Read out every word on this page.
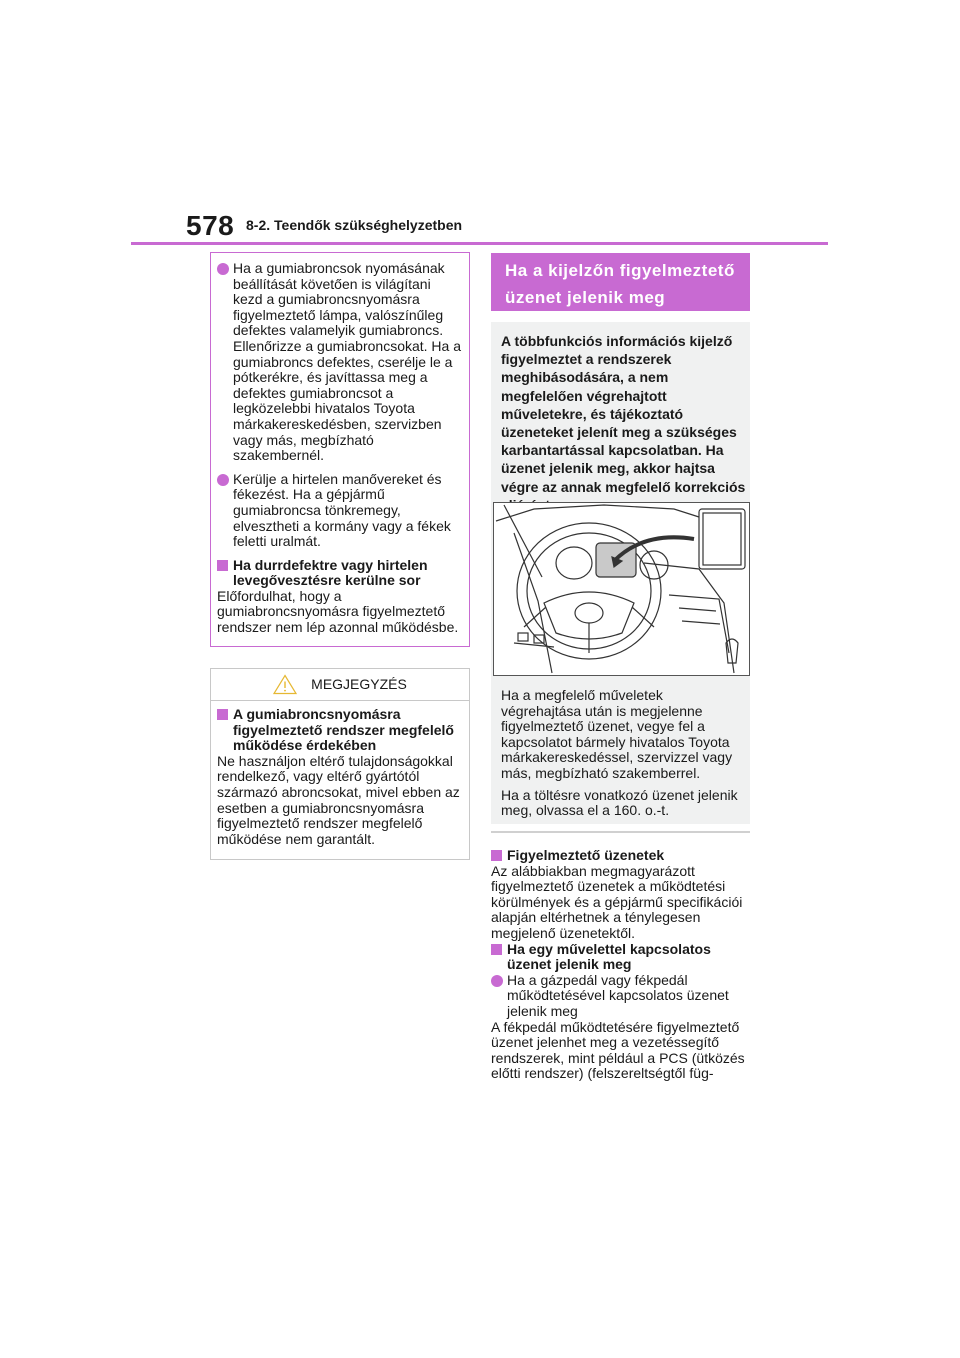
578 8-2. Teendők szükséghelyzetben
Ha a gumiabroncsok nyomásának beállítását követően is világítani kezd a gumiabroncsnyomásra figyelmeztető lámpa, valószínűleg defektes valamelyik gumiabroncs. Ellenőrizze a gumiabroncsokat. Ha a gumiabroncs defektes, cserélje le a pótkerékre, és javíttassa meg a defektes gumiabroncsot a legközelebbi hivatalos Toyota márkakereskedésben, szervizben vagy más, megbízható szakembernél.
Kerülje a hirtelen manővereket és fékezést. Ha a gépjármű gumiabroncsa tönkremegy, elvesztheti a kormány vagy a fékek feletti uralmát.
Ha durrdefektre vagy hirtelen levegővesztésre kerülne sor

Előfordulhat, hogy a gumiabroncsnyomásra figyelmeztető rendszer nem lép azonnal működésbe.

MEGJEGYZÉS
A gumiabroncsnyomásra figyelmeztető rendszer megfelelő működése érdekében

Ne használjon eltérő tulajdonságokkal rendelkező, vagy eltérő gyártótól származó abroncsokat, mivel ebben az esetben a gumiabroncsnyomásra figyelmeztető rendszer megfelelő működése nem garantált.

Ha a kijelzőn figyelmeztető üzenet jelenik meg

A többfunkciós információs kijelző figyelmeztet a rendszerek meghibásodására, a nem megfelelően végrehajtott műveletekre, és tájékoztató üzeneteket jelenít meg a szükséges karbantartással kapcsolatban. Ha üzenet jelenik meg, akkor hajtsa végre az annak megfelelő korrekciós

Ha a megfelelő műveletek végrehajtása után is megjelenne figyelmeztető üzenet, vegye fel a kapcsolatot bármely hivatalos Toyota márkakereskedéssel, szervizzel vagy más, megbízható szakemberrel.

Ha a töltésre vonatkozó üzenet jelenik meg, olvassa el a 160. o.-t.

Figyelmeztető üzenetek

Az alábbiakban megmagyarázott figyelmeztető üzenetek a működtetési körülmények és a gépjármű specifikációi alapján eltérhetnek a ténylegesen megjelenő üzenetektől.

Ha egy művelettel kapcsolatos üzenet jelenik meg
Ha a gázpedál vagy fékpedál működtetésével kapcsolatos üzenet jelenik meg

A fékpedál működtetésére figyelmeztető üzenet jelenhet meg a vezetéssegítő rendszerek, mint például a PCS (ütközés előtti rendszer) (felszereltségtől füg-
